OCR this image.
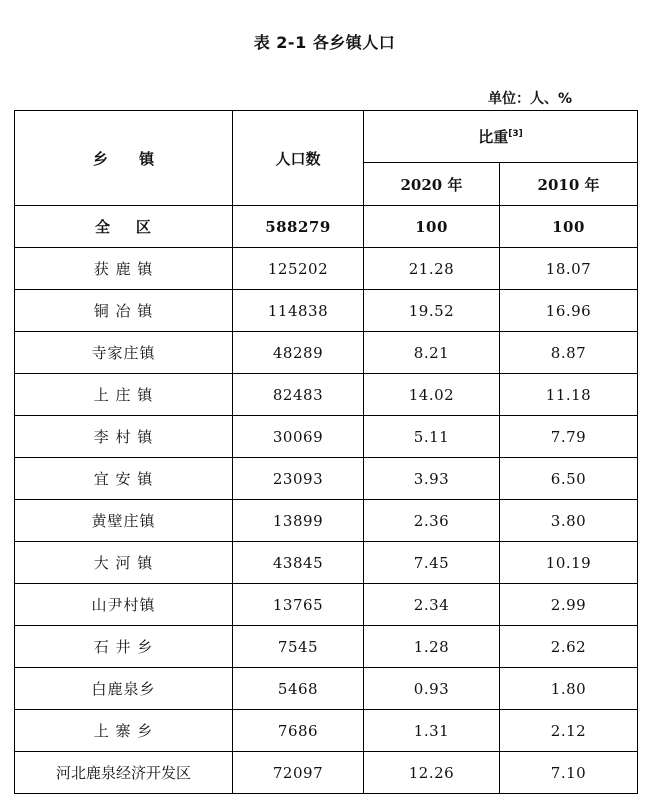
表 2-1 各乡镇人口
单位：人、%
乡      镇	人口数	比重[3]
		2020 年	2010 年
全    区	588279	100	100
获 鹿 镇	125202	21.28	18.07
铜 冶 镇	114838	19.52	16.96
寺家庄镇	48289	8.21	8.87
上 庄 镇	82483	14.02	11.18
李 村 镇	30069	5.11	7.79
宜 安 镇	23093	3.93	6.50
黄壁庄镇	13899	2.36	3.80
大 河 镇	43845	7.45	10.19
山尹村镇	13765	2.34	2.99
石 井 乡	7545	1.28	2.62
白鹿泉乡	5468	0.93	1.80
上 寨 乡	7686	1.31	2.12
河北鹿泉经济开发区	72097	12.26	7.10
